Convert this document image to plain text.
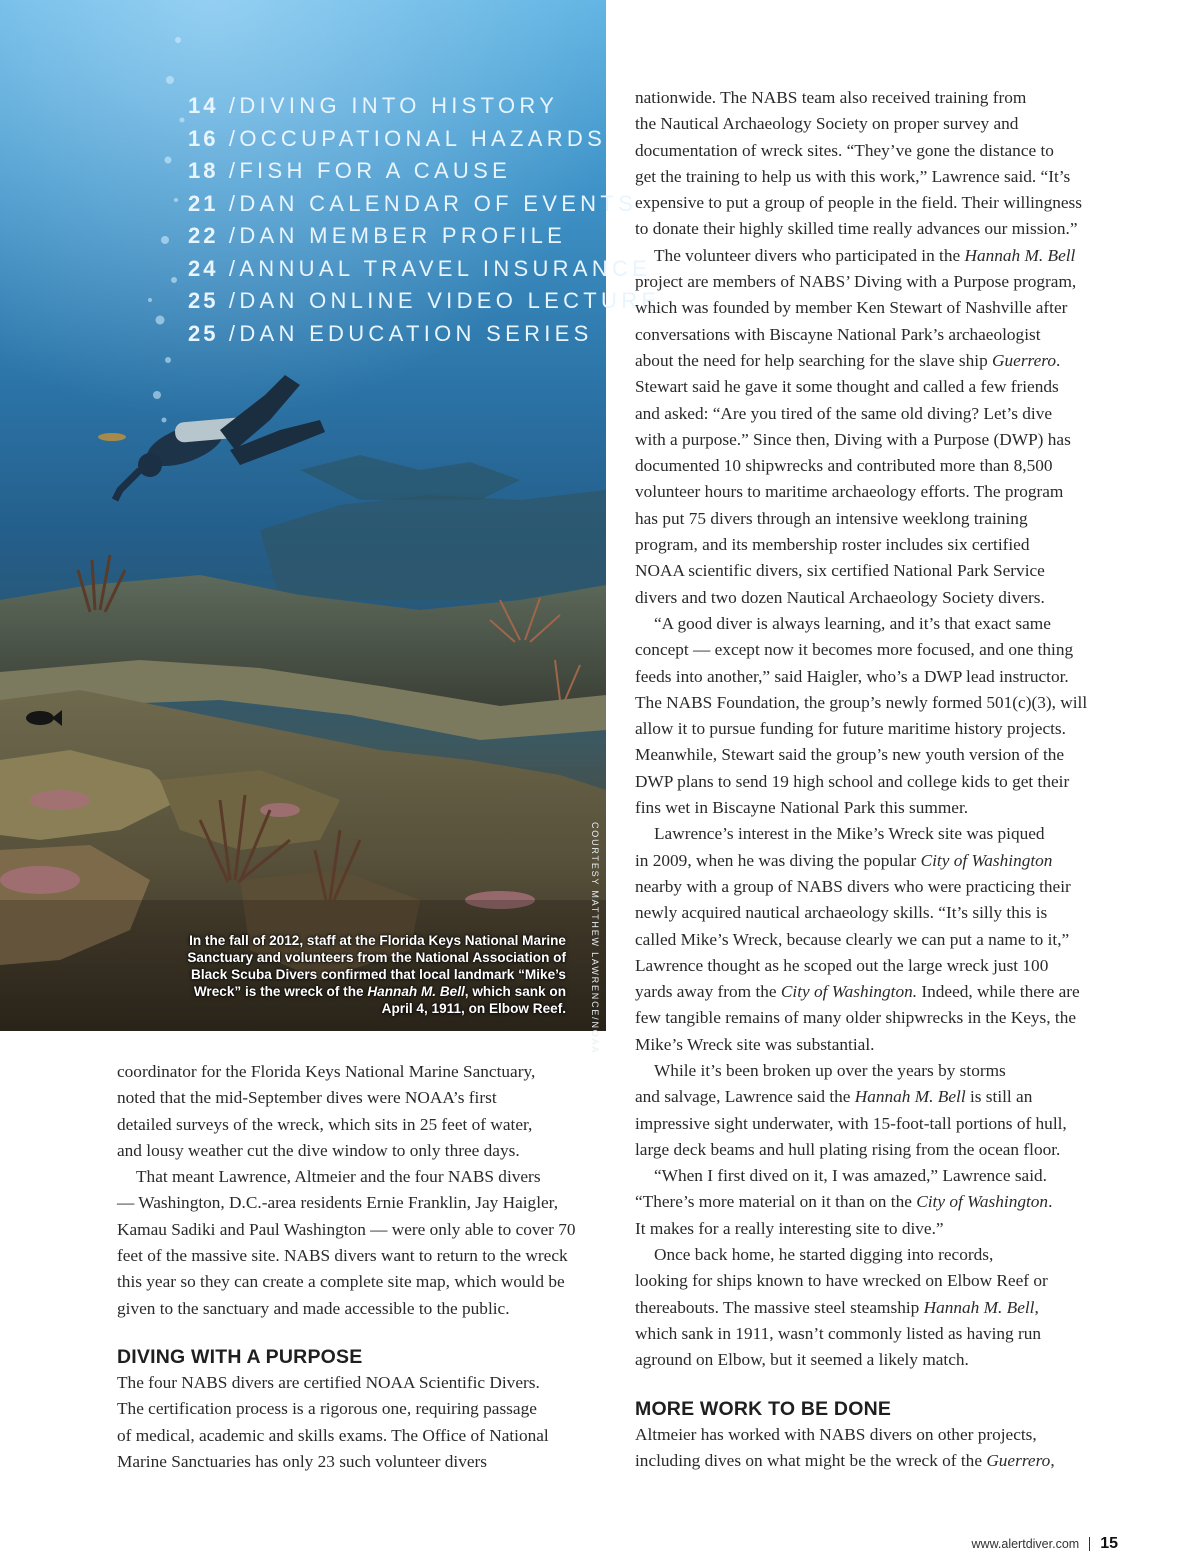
14 /DIVING INTO HISTORY
16 /OCCUPATIONAL HAZARDS
18 /FISH FOR A CAUSE
21 /DAN CALENDAR OF EVENTS
22 /DAN MEMBER PROFILE
24 /ANNUAL TRAVEL INSURANCE
25 /DAN ONLINE VIDEO LECTURE
25 /DAN EDUCATION SERIES
In the fall of 2012, staff at the Florida Keys National Marine Sanctuary and volunteers from the National Association of Black Scuba Divers confirmed that local landmark “Mike’s Wreck” is the wreck of the Hannah M. Bell, which sank on April 4, 1911, on Elbow Reef.	COURTESY MATTHEW LAWRENCE/NOAA

coordinator for the Florida Keys National Marine Sanctuary,
noted that the mid-September dives were NOAA’s first
detailed surveys of the wreck, which sits in 25 feet of water,
and lousy weather cut the dive window to only three days.

That meant Lawrence, Altmeier and the four NABS divers
— Washington, D.C.-area residents Ernie Franklin, Jay Haigler,
Kamau Sadiki and Paul Washington — were only able to cover 70
feet of the massive site. NABS divers want to return to the wreck
this year so they can create a complete site map, which would be
given to the sanctuary and made accessible to the public.

DIVING WITH A PURPOSE

The four NABS divers are certified NOAA Scientific Divers.
The certification process is a rigorous one, requiring passage
of medical, academic and skills exams. The Office of National
Marine Sanctuaries has only 23 such volunteer divers

nationwide. The NABS team also received training from
the Nautical Archaeology Society on proper survey and
documentation of wreck sites. “They’ve gone the distance to
get the training to help us with this work,” Lawrence said. “It’s
expensive to put a group of people in the field. Their willingness
to donate their highly skilled time really advances our mission.”

The volunteer divers who participated in the Hannah M. Bell
project are members of NABS’ Diving with a Purpose program,
which was founded by member Ken Stewart of Nashville after
conversations with Biscayne National Park’s archaeologist
about the need for help searching for the slave ship Guerrero.
Stewart said he gave it some thought and called a few friends
and asked: “Are you tired of the same old diving? Let’s dive
with a purpose.” Since then, Diving with a Purpose (DWP) has
documented 10 shipwrecks and contributed more than 8,500
volunteer hours to maritime archaeology efforts. The program
has put 75 divers through an intensive weeklong training
program, and its membership roster includes six certified
NOAA scientific divers, six certified National Park Service
divers and two dozen Nautical Archaeology Society divers.

“A good diver is always learning, and it’s that exact same
concept — except now it becomes more focused, and one thing
feeds into another,” said Haigler, who’s a DWP lead instructor.
The NABS Foundation, the group’s newly formed 501(c)(3), will
allow it to pursue funding for future maritime history projects.
Meanwhile, Stewart said the group’s new youth version of the
DWP plans to send 19 high school and college kids to get their
fins wet in Biscayne National Park this summer.

Lawrence’s interest in the Mike’s Wreck site was piqued
in 2009, when he was diving the popular City of Washington
nearby with a group of NABS divers who were practicing their
newly acquired nautical archaeology skills. “It’s silly this is
called Mike’s Wreck, because clearly we can put a name to it,”
Lawrence thought as he scoped out the large wreck just 100
yards away from the City of Washington. Indeed, while there are
few tangible remains of many older shipwrecks in the Keys, the
Mike’s Wreck site was substantial.

While it’s been broken up over the years by storms
and salvage, Lawrence said the Hannah M. Bell is still an
impressive sight underwater, with 15-foot-tall portions of hull,
large deck beams and hull plating rising from the ocean floor.

“When I first dived on it, I was amazed,” Lawrence said.
“There’s more material on it than on the City of Washington.
It makes for a really interesting site to dive.”

Once back home, he started digging into records,
looking for ships known to have wrecked on Elbow Reef or
thereabouts. The massive steel steamship Hannah M. Bell,
which sank in 1911, wasn’t commonly listed as having run
aground on Elbow, but it seemed a likely match.

MORE WORK TO BE DONE

Altmeier has worked with NABS divers on other projects,
including dives on what might be the wreck of the Guerrero,

www.alertdiver.com 15
